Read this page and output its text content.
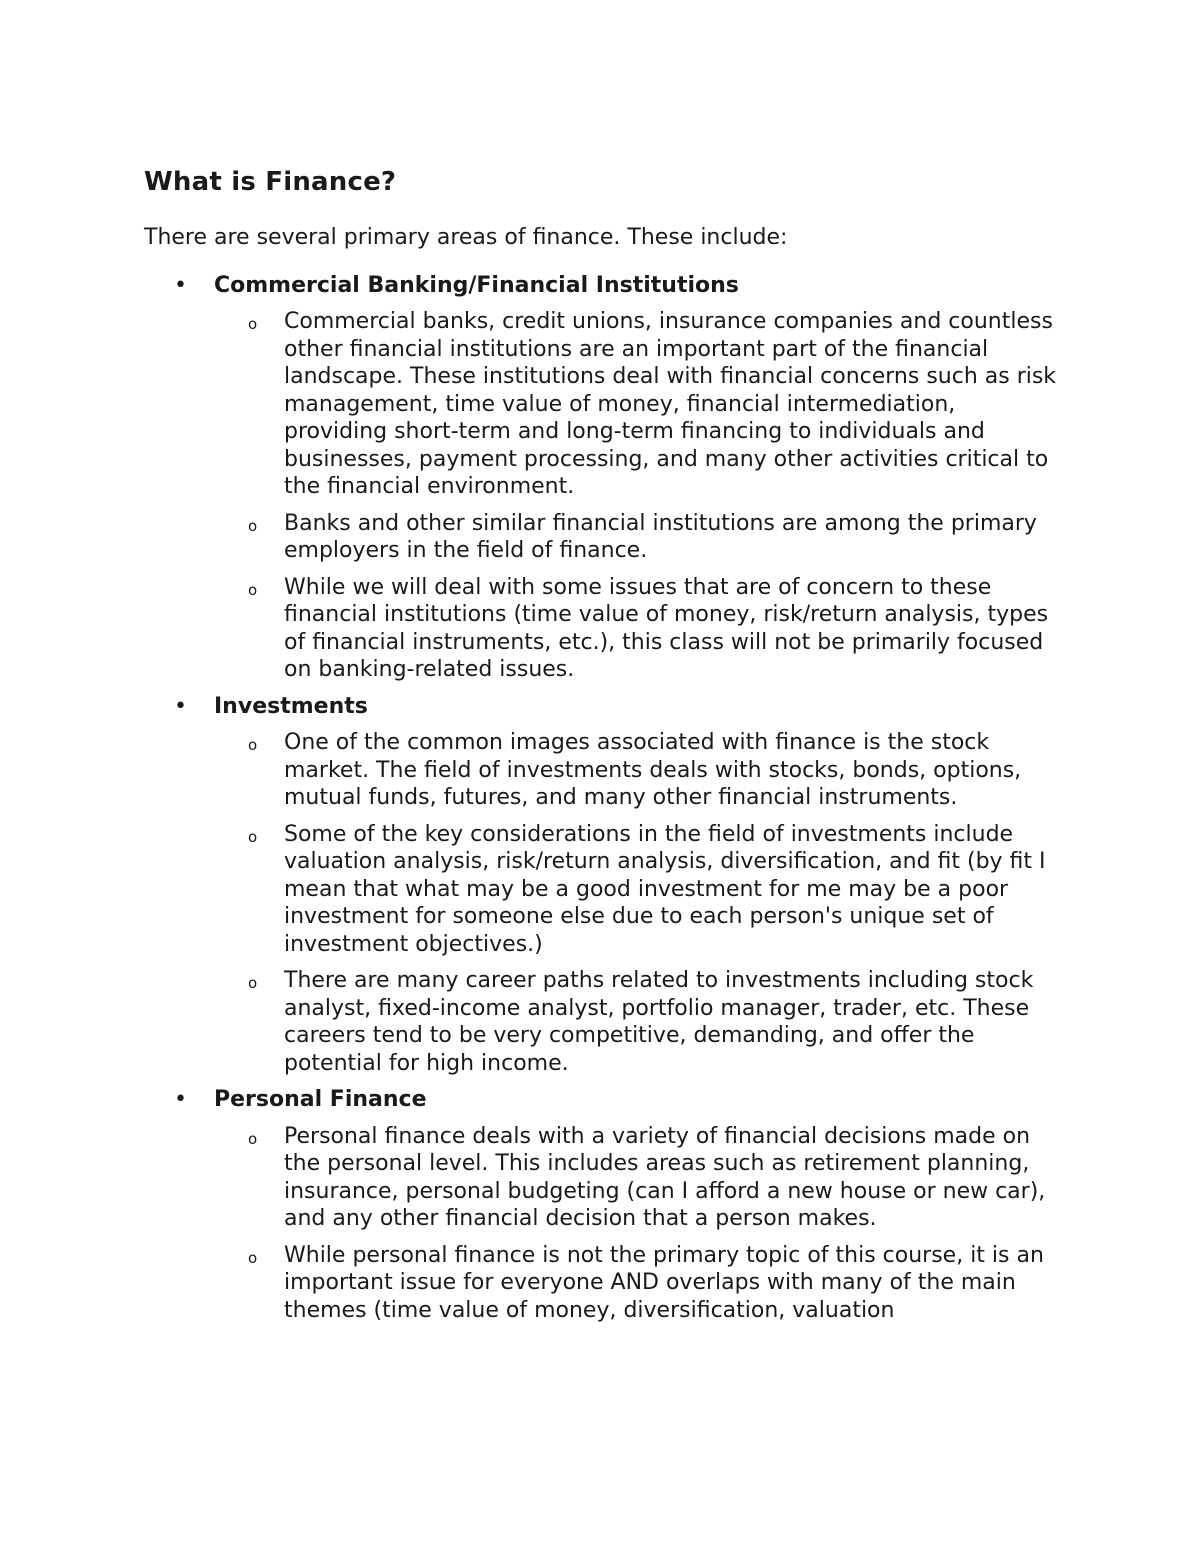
What is Finance?

There are several primary areas of finance. These include:

• Commercial Banking/Financial Institutions
o Commercial banks, credit unions, insurance companies and countless other financial institutions are an important part of the financial landscape. These institutions deal with financial concerns such as risk management, time value of money, financial intermediation, providing short-term and long-term financing to individuals and businesses, payment processing, and many other activities critical to the financial environment.
o Banks and other similar financial institutions are among the primary employers in the field of finance.
o While we will deal with some issues that are of concern to these financial institutions (time value of money, risk/return analysis, types of financial instruments, etc.), this class will not be primarily focused on banking-related issues.
• Investments
o One of the common images associated with finance is the stock market. The field of investments deals with stocks, bonds, options, mutual funds, futures, and many other financial instruments.
o Some of the key considerations in the field of investments include valuation analysis, risk/return analysis, diversification, and fit (by fit I mean that what may be a good investment for me may be a poor investment for someone else due to each person's unique set of investment objectives.)
o There are many career paths related to investments including stock analyst, fixed-income analyst, portfolio manager, trader, etc. These careers tend to be very competitive, demanding, and offer the potential for high income.
• Personal Finance
o Personal finance deals with a variety of financial decisions made on the personal level. This includes areas such as retirement planning, insurance, personal budgeting (can I afford a new house or new car), and any other financial decision that a person makes.
o While personal finance is not the primary topic of this course, it is an important issue for everyone AND overlaps with many of the main themes (time value of money, diversification, valuation
